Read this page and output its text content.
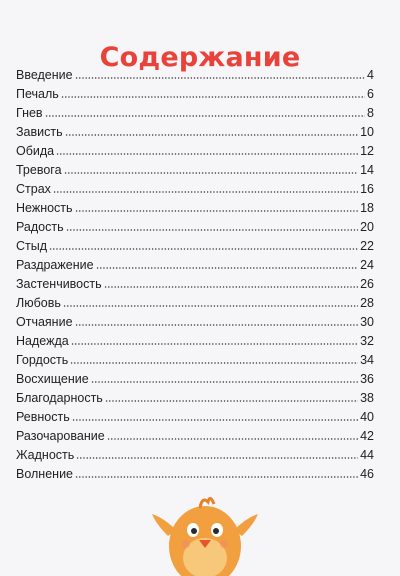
Содержание
Введение	4
Печаль	6
Гнев	8
Зависть	10
Обида	12
Тревога	14
Страх	16
Нежность	18
Радость	20
Стыд	22
Раздражение	24
Застенчивость	26
Любовь	28
Отчаяние	30
Надежда	32
Гордость	34
Восхищение	36
Благодарность	38
Ревность	40
Разочарование	42
Жадность	44
Волнение	46
